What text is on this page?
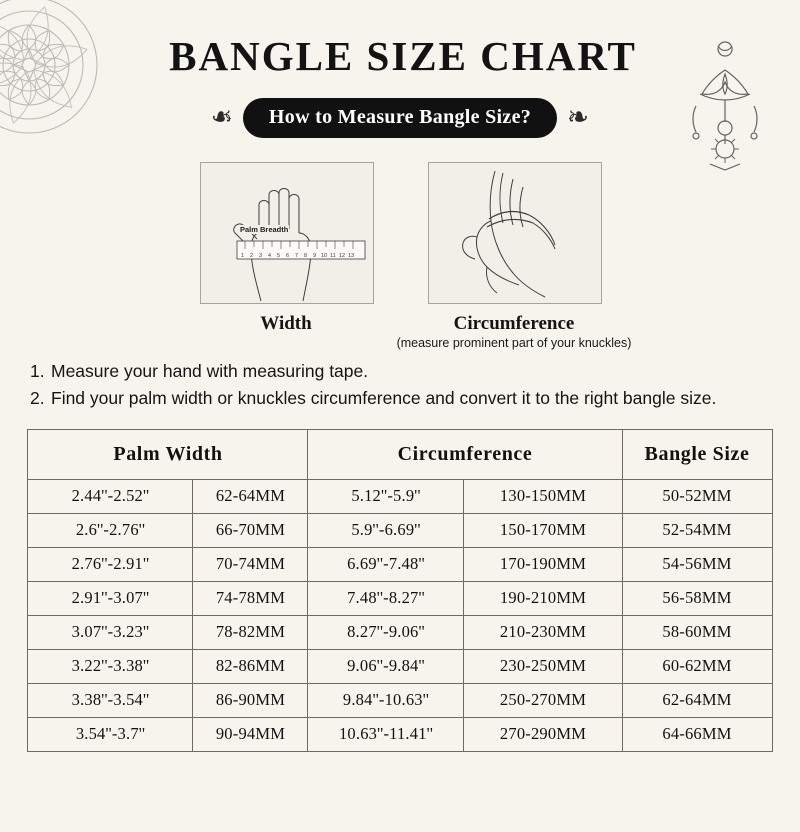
BANGLE SIZE CHART
❧	How to Measure Bangle Size?	❧
1 2 3 4 5 6 7 8 9 10 11 12 13
Palm Breadth
Width	Circumference
(measure prominent part of your knuckles)
1. Measure your hand with measuring tape.
2. Find your palm width or knuckles circumference and convert it to the right bangle size.
Palm Width		Circumference		Bangle Size
2.44''-2.52''	62-64MM	5.12''-5.9''	130-150MM	50-52MM
2.6''-2.76''	66-70MM	5.9''-6.69''	150-170MM	52-54MM
2.76''-2.91''	70-74MM	6.69''-7.48''	170-190MM	54-56MM
2.91''-3.07''	74-78MM	7.48''-8.27''	190-210MM	56-58MM
3.07''-3.23''	78-82MM	8.27''-9.06''	210-230MM	58-60MM
3.22''-3.38''	82-86MM	9.06''-9.84''	230-250MM	60-62MM
3.38''-3.54''	86-90MM	9.84''-10.63''	250-270MM	62-64MM
3.54''-3.7''	90-94MM	10.63''-11.41''	270-290MM	64-66MM
